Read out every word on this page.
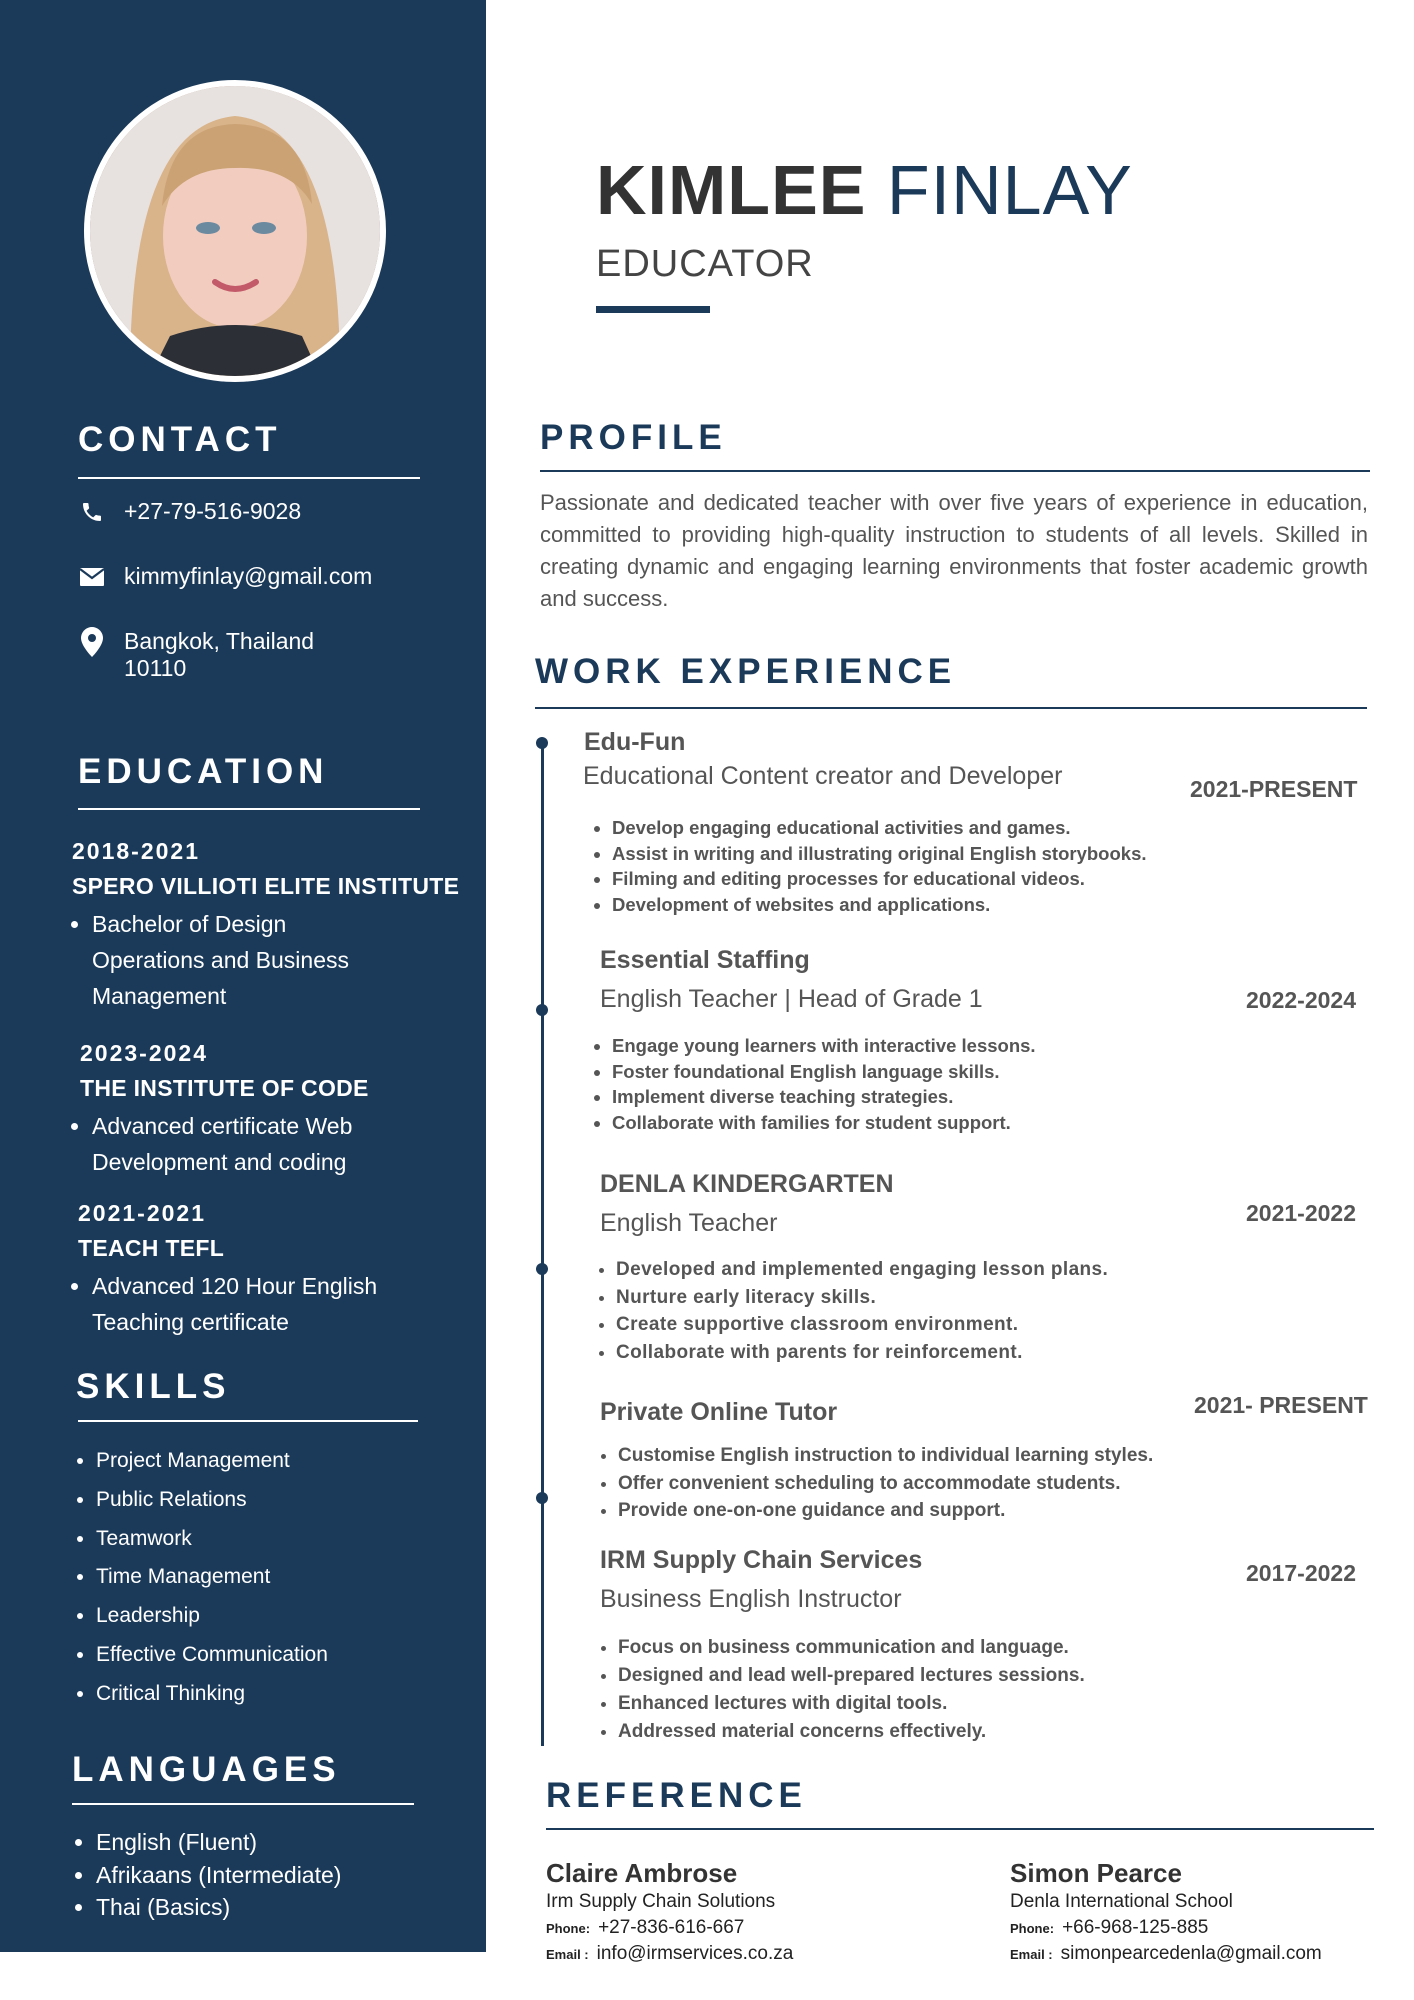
CONTACT
+27-79-516-9028
kimmyfinlay@gmail.com
Bangkok, Thailand
10110
EDUCATION

2018-2021

SPERO VILLIOTI ELITE INSTITUTE

• Bachelor of Design
Operations and Business
Management

2023-2024

THE INSTITUTE OF CODE

• Advanced certificate Web
Development and coding

2021-2021

TEACH TEFL

• Advanced 120 Hour English
Teaching certificate
SKILLS
• Project Management
• Public Relations
• Teamwork
• Time Management
• Leadership
• Effective Communication
• Critical Thinking
LANGUAGES
• English (Fluent)
• Afrikaans (Intermediate)
• Thai (Basics)
KIMLEE FINLAY

EDUCATOR

PROFILE

Passionate and dedicated teacher with over five years of experience in education, committed to providing high-quality instruction to students of all levels. Skilled in creating dynamic and engaging learning environments that foster academic growth and success.

WORK EXPERIENCE

Edu-Fun

Educational Content creator and Developer	2021-PRESENT
• Develop engaging educational activities and games.
• Assist in writing and illustrating original English storybooks.
• Filming and editing processes for educational videos.
• Development of websites and applications.

Essential Staffing

English Teacher | Head of Grade 1	2022-2024
• Engage young learners with interactive lessons.
• Foster foundational English language skills.
• Implement diverse teaching strategies.
• Collaborate with families for student support.

DENLA KINDERGARTEN

English Teacher	2021-2022
• Developed and implemented engaging lesson plans.
• Nurture early literacy skills.
• Create supportive classroom environment.
• Collaborate with parents for reinforcement.

Private Online Tutor	2021- PRESENT
• Customise English instruction to individual learning styles.
• Offer convenient scheduling to accommodate students.
• Provide one-on-one guidance and support.

IRM Supply Chain Services

Business English Instructor

2017-2022
• Focus on business communication and language.
• Designed and lead well-prepared lectures sessions.
• Enhanced lectures with digital tools.
• Addressed material concerns effectively.
REFERENCE

Claire Ambrose

Irm Supply Chain Solutions

Phone: +27-836-616-667

Email : info@irmservices.co.za

Simon Pearce

Denla International School

Phone: +66-968-125-885

Email : simonpearcedenla@gmail.com
